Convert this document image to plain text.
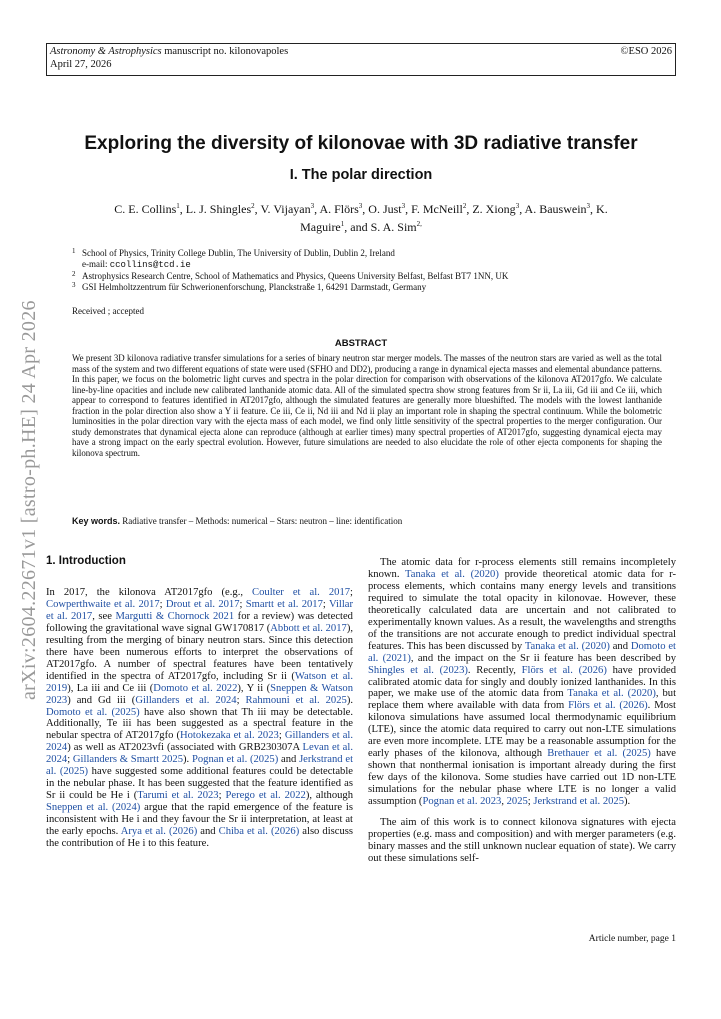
Astronomy & Astrophysics manuscript no. kilonovapoles
April 27, 2026
©ESO 2026
arXiv:2604.22671v1 [astro-ph.HE] 24 Apr 2026
Exploring the diversity of kilonovae with 3D radiative transfer
I. The polar direction
C. E. Collins$^1$, L. J. Shingles$^2$, V. Vijayan$^3$, A. Flörs$^3$, O. Just$^3$, F. McNeill$^2$, Z. Xiong$^3$, A. Bauswein$^3$, K. Maguire$^1$, and S. A. Sim$^{2,}$
1 School of Physics, Trinity College Dublin, The University of Dublin, Dublin 2, Ireland
e-mail: ccollins@tcd.ie
2 Astrophysics Research Centre, School of Mathematics and Physics, Queens University Belfast, Belfast BT7 1NN, UK
3 GSI Helmholtzzentrum für Schwerionenforschung, Planckstraße 1, 64291 Darmstadt, Germany
Received ; accepted
ABSTRACT
We present 3D kilonova radiative transfer simulations for a series of binary neutron star merger models. The masses of the neutron stars are varied as well as the total mass of the system and two different equations of state were used (SFHO and DD2), producing a range in dynamical ejecta masses and elemental abundance patterns. In this paper, we focus on the bolometric light curves and spectra in the polar direction for comparison with observations of the kilonova AT2017gfo. We calculate line-by-line opacities and include new calibrated lanthanide atomic data. All of the simulated spectra show strong features from Sr ii, La iii, Gd iii and Ce iii, which appear to correspond to features identified in AT2017gfo, although the simulated features are generally more blueshifted. The models with the lowest lanthanide fraction in the polar direction also show a Y ii feature. Ce iii, Ce ii, Nd iii and Nd ii play an important role in shaping the spectral continuum. While the bolometric luminosities in the polar direction vary with the ejecta mass of each model, we find only little sensitivity of the spectral properties to the merger configuration. Our study demonstrates that dynamical ejecta alone can reproduce (although at earlier times) many spectral properties of AT2017gfo, suggesting dynamical ejecta may have a strong impact on the early spectral evolution. However, future simulations are needed to also elucidate the role of other ejecta components for shaping the kilonova spectrum.
Key words. Radiative transfer – Methods: numerical – Stars: neutron – line: identification
1. Introduction

In 2017, the kilonova AT2017gfo (e.g., Coulter et al. 2017; Cowperthwaite et al. 2017; Drout et al. 2017; Smartt et al. 2017; Villar et al. 2017, see Margutti & Chornock 2021 for a review) was detected following the gravitational wave signal GW170817 (Abbott et al. 2017), resulting from the merging of binary neutron stars. Since this detection there have been numerous efforts to interpret the observations of AT2017gfo. A number of spectral features have been tentatively identified in the spectra of AT2017gfo, including Sr ii (Watson et al. 2019), La iii and Ce iii (Domoto et al. 2022), Y ii (Sneppen & Watson 2023) and Gd iii (Gillanders et al. 2024; Rahmouni et al. 2025). Domoto et al. (2025) have also shown that Th iii may be detectable. Additionally, Te iii has been suggested as a spectral feature in the nebular spectra of AT2017gfo (Hotokezaka et al. 2023; Gillanders et al. 2024) as well as AT2023vfi (associated with GRB230307A Levan et al. 2024; Gillanders & Smartt 2025). Pognan et al. (2025) and Jerkstrand et al. (2025) have suggested some additional features could be detectable in the nebular phase. It has been suggested that the feature identified as Sr ii could be He i (Tarumi et al. 2023; Perego et al. 2022), although Sneppen et al. (2024) argue that the rapid emergence of the feature is inconsistent with He i and they favour the Sr ii interpretation, at least at the early epochs. Arya et al. (2026) and Chiba et al. (2026) also discuss the contribution of He i to this feature.

The atomic data for r-process elements still remains incompletely known. Tanaka et al. (2020) provide theoretical atomic data for r-process elements, which contains many energy levels and transitions required to simulate the total opacity in kilonovae. However, these theoretically calculated data are uncertain and not calibrated to experimentally known values. As a result, the wavelengths and strengths of the transitions are not accurate enough to predict individual spectral features. This has been discussed by Tanaka et al. (2020) and Domoto et al. (2021), and the impact on the Sr ii feature has been described by Shingles et al. (2023). Recently, Flörs et al. (2026) have provided calibrated atomic data for singly and doubly ionized lanthanides. In this paper, we make use of the atomic data from Tanaka et al. (2020), but replace them where available with data from Flörs et al. (2026). Most kilonova simulations have assumed local thermodynamic equilibrium (LTE), since the atomic data required to carry out non-LTE simulations are even more incomplete. LTE may be a reasonable assumption for the early phases of the kilonova, although Brethauer et al. (2025) have shown that nonthermal ionisation is important already during the first few days of the kilonova. Some studies have carried out 1D non-LTE simulations for the nebular phase where LTE is no longer a valid assumption (Pognan et al. 2023, 2025; Jerkstrand et al. 2025).

The aim of this work is to connect kilonova signatures with ejecta properties (e.g. mass and composition) and with merger parameters (e.g. binary masses and the still unknown nuclear equation of state). We carry out these simulations self-

Article number, page 1
